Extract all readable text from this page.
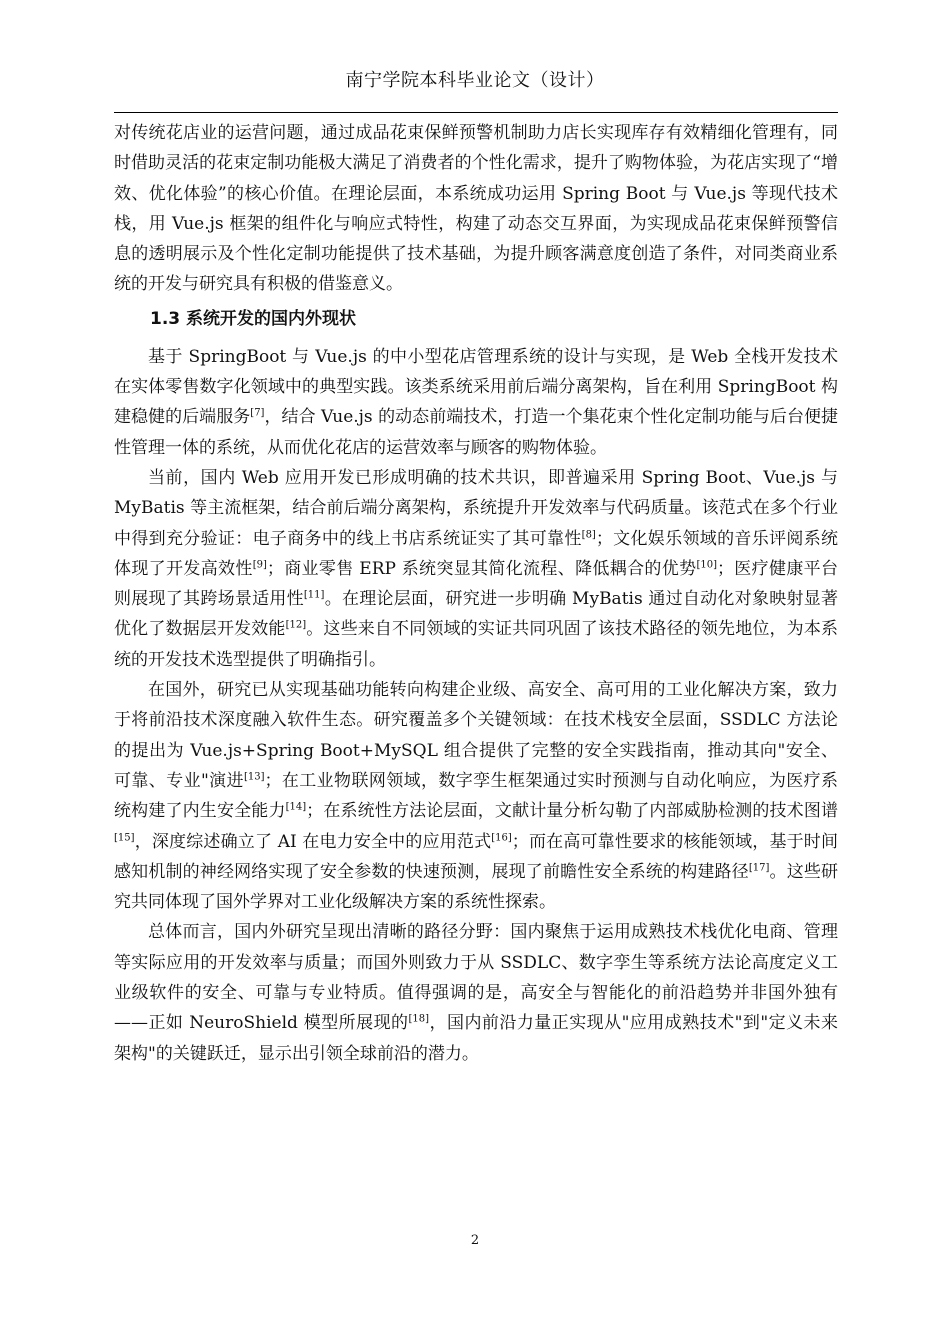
南宁学院本科毕业论文（设计）

对传统花店业的运营问题，通过成品花束保鲜预警机制助力店长实现库存有效精细化管理有，同时借助灵活的花束定制功能极大满足了消费者的个性化需求，提升了购物体验，为花店实现了“增效、优化体验”的核心价值。在理论层面，本系统成功运用 Spring Boot 与 Vue.js 等现代技术栈，用 Vue.js 框架的组件化与响应式特性，构建了动态交互界面，为实现成品花束保鲜预警信息的透明展示及个性化定制功能提供了技术基础，为提升顾客满意度创造了条件，对同类商业系统的开发与研究具有积极的借鉴意义。

1.3 系统开发的国内外现状

基于 SpringBoot 与 Vue.js 的中小型花店管理系统的设计与实现，是 Web 全栈开发技术在实体零售数字化领域中的典型实践。该类系统采用前后端分离架构，旨在利用 SpringBoot 构建稳健的后端服务[7]，结合 Vue.js 的动态前端技术，打造一个集花束个性化定制功能与后台便捷性管理一体的系统，从而优化花店的运营效率与顾客的购物体验。

当前，国内 Web 应用开发已形成明确的技术共识，即普遍采用 Spring Boot、Vue.js 与 MyBatis 等主流框架，结合前后端分离架构，系统提升开发效率与代码质量。该范式在多个行业中得到充分验证：电子商务中的线上书店系统证实了其可靠性[8]；文化娱乐领域的音乐评阅系统体现了开发高效性[9]；商业零售 ERP 系统突显其简化流程、降低耦合的优势[10]；医疗健康平台则展现了其跨场景适用性[11]。在理论层面，研究进一步明确 MyBatis 通过自动化对象映射显著优化了数据层开发效能[12]。这些来自不同领域的实证共同巩固了该技术路径的领先地位，为本系统的开发技术选型提供了明确指引。

在国外，研究已从实现基础功能转向构建企业级、高安全、高可用的工业化解决方案，致力于将前沿技术深度融入软件生态。研究覆盖多个关键领域：在技术栈安全层面，SSDLC 方法论的提出为 Vue.js+Spring Boot+MySQL 组合提供了完整的安全实践指南，推动其向"安全、可靠、专业"演进[13]；在工业物联网领域，数字孪生框架通过实时预测与自动化响应，为医疗系统构建了内生安全能力[14]；在系统性方法论层面，文献计量分析勾勒了内部威胁检测的技术图谱[15]，深度综述确立了 AI 在电力安全中的应用范式[16]；而在高可靠性要求的核能领域，基于时间感知机制的神经网络实现了安全参数的快速预测，展现了前瞻性安全系统的构建路径[17]。这些研究共同体现了国外学界对工业化级解决方案的系统性探索。

总体而言，国内外研究呈现出清晰的路径分野：国内聚焦于运用成熟技术栈优化电商、管理等实际应用的开发效率与质量；而国外则致力于从 SSDLC、数字孪生等系统方法论高度定义工业级软件的安全、可靠与专业特质。值得强调的是，高安全与智能化的前沿趋势并非国外独有——正如 NeuroShield 模型所展现的[18]，国内前沿力量正实现从"应用成熟技术"到"定义未来架构"的关键跃迁，显示出引领全球前沿的潜力。

2
